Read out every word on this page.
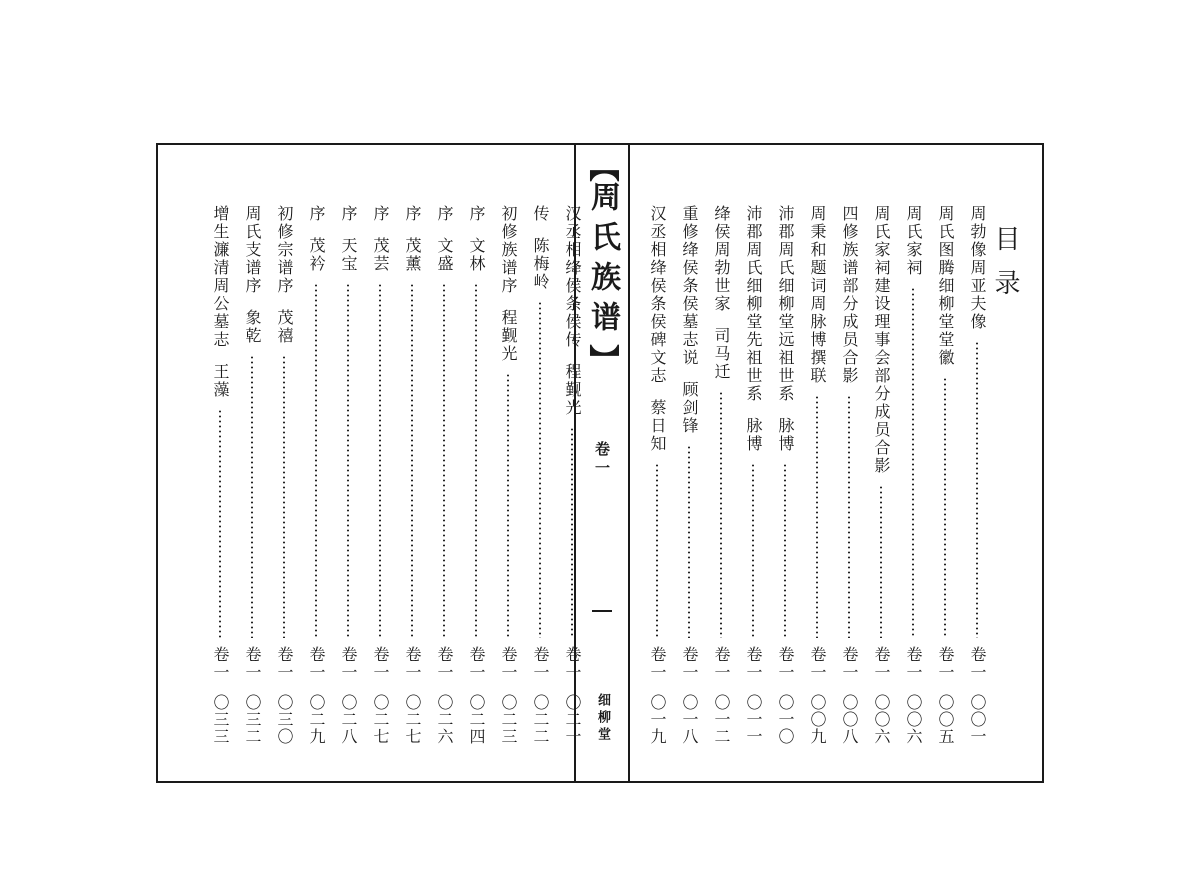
汉丞相绛侯条侯传
程觐光
卷一
〇二一
传
陈梅岭
卷一
〇二二
初修族谱序
程觐光
卷一
〇二三
序
文林
卷一
〇二四
序
文盛
卷一
〇二六
序
茂薰
卷一
〇二七
序
茂芸
卷一
〇二七
序
天宝
卷一
〇二八
序
茂衿
卷一
〇二九
初修宗谱序
茂禧
卷一
〇三〇
周氏支谱序
象乾
卷一
〇三二
增生濂清周公墓志
王藻
卷一
〇三三
【
周氏族谱
】
卷一
细柳堂
周勃像周亚夫像
卷一
〇〇一
周氏图腾细柳堂堂徽
卷一
〇〇五
周氏家祠
卷一
〇〇六
周氏家祠建设理事会部分成员合影
卷一
〇〇六
四修族谱部分成员合影
卷一
〇〇八
周秉和题词周脉博撰联
卷一
〇〇九
沛郡周氏细柳堂远祖世系
脉博
卷一
〇一〇
沛郡周氏细柳堂先祖世系
脉博
卷一
〇一一
绛侯周勃世家
司马迁
卷一
〇一二
重修绛侯条侯墓志说
顾剑锋
卷一
〇一八
汉丞相绛侯条侯碑文志
蔡日知
卷一
〇一九
目录
